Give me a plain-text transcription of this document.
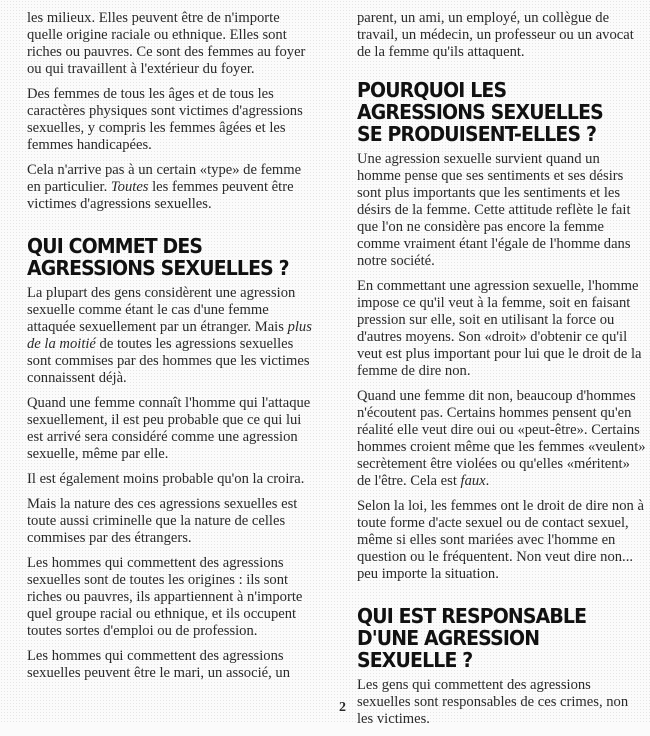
les milieux. Elles peuvent être de n'importe quelle origine raciale ou ethnique. Elles sont riches ou pauvres. Ce sont des femmes au foyer ou qui travaillent à l'extérieur du foyer.

Des femmes de tous les âges et de tous les caractères physiques sont victimes d'agressions sexuelles, y compris les femmes âgées et les femmes handicapées.

Cela n'arrive pas à un certain «type» de femme en particulier. Toutes les femmes peuvent être victimes d'agressions sexuelles.

QUI COMMET DES AGRESSIONS SEXUELLES ?

La plupart des gens considèrent une agression sexuelle comme étant le cas d'une femme attaquée sexuellement par un étranger. Mais plus de la moitié de toutes les agressions sexuelles sont commises par des hommes que les victimes connaissent déjà.

Quand une femme connaît l'homme qui l'attaque sexuellement, il est peu probable que ce qui lui est arrivé sera considéré comme une agression sexuelle, même par elle.

Il est également moins probable qu'on la croira.

Mais la nature des ces agressions sexuelles est toute aussi criminelle que la nature de celles commises par des étrangers.

Les hommes qui commettent des agressions sexuelles sont de toutes les origines : ils sont riches ou pauvres, ils appartiennent à n'importe quel groupe racial ou ethnique, et ils occupent toutes sortes d'emploi ou de profession.

Les hommes qui commettent des agressions sexuelles peuvent être le mari, un associé, un

parent, un ami, un employé, un collègue de travail, un médecin, un professeur ou un avocat de la femme qu'ils attaquent.

POURQUOI LES AGRESSIONS SEXUELLES SE PRODUISENT-ELLES ?

Une agression sexuelle survient quand un homme pense que ses sentiments et ses désirs sont plus importants que les sentiments et les désirs de la femme. Cette attitude reflète le fait que l'on ne considère pas encore la femme comme vraiment étant l'égale de l'homme dans notre société.

En commettant une agression sexuelle, l'homme impose ce qu'il veut à la femme, soit en faisant pression sur elle, soit en utilisant la force ou d'autres moyens. Son «droit» d'obtenir ce qu'il veut est plus important pour lui que le droit de la femme de dire non.

Quand une femme dit non, beaucoup d'hommes n'écoutent pas. Certains hommes pensent qu'en réalité elle veut dire oui ou «peut-être». Certains hommes croient même que les femmes «veulent» secrètement être violées ou qu'elles «méritent» de l'être. Cela est faux.

Selon la loi, les femmes ont le droit de dire non à toute forme d'acte sexuel ou de contact sexuel, même si elles sont mariées avec l'homme en question ou le fréquentent. Non veut dire non... peu importe la situation.

QUI EST RESPONSABLE D'UNE AGRESSION SEXUELLE ?

Les gens qui commettent des agressions sexuelles sont responsables de ces crimes, non les victimes.

2
